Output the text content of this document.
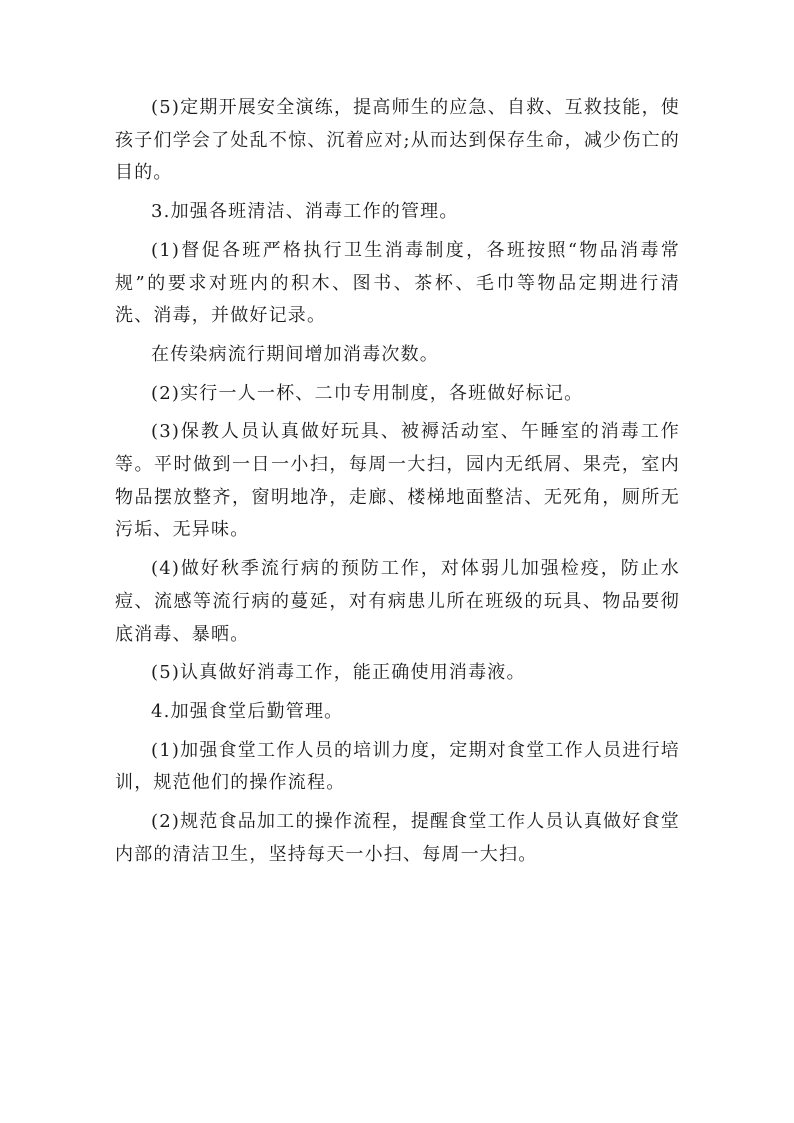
(5)定期开展安全演练，提高师生的应急、自救、互救技能，使孩子们学会了处乱不惊、沉着应对;从而达到保存生命，减少伤亡的目的。

3.加强各班清洁、消毒工作的管理。

(1)督促各班严格执行卫生消毒制度，各班按照“物品消毒常规”的要求对班内的积木、图书、茶杯、毛巾等物品定期进行清洗、消毒，并做好记录。

在传染病流行期间增加消毒次数。

(2)实行一人一杯、二巾专用制度，各班做好标记。

(3)保教人员认真做好玩具、被褥活动室、午睡室的消毒工作等。平时做到一日一小扫，每周一大扫，园内无纸屑、果壳，室内物品摆放整齐，窗明地净，走廊、楼梯地面整洁、无死角，厕所无污垢、无异味。

(4)做好秋季流行病的预防工作，对体弱儿加强检疫，防止水痘、流感等流行病的蔓延，对有病患儿所在班级的玩具、物品要彻底消毒、暴晒。

(5)认真做好消毒工作，能正确使用消毒液。

4.加强食堂后勤管理。

(1)加强食堂工作人员的培训力度，定期对食堂工作人员进行培训，规范他们的操作流程。

(2)规范食品加工的操作流程，提醒食堂工作人员认真做好食堂内部的清洁卫生，坚持每天一小扫、每周一大扫。
